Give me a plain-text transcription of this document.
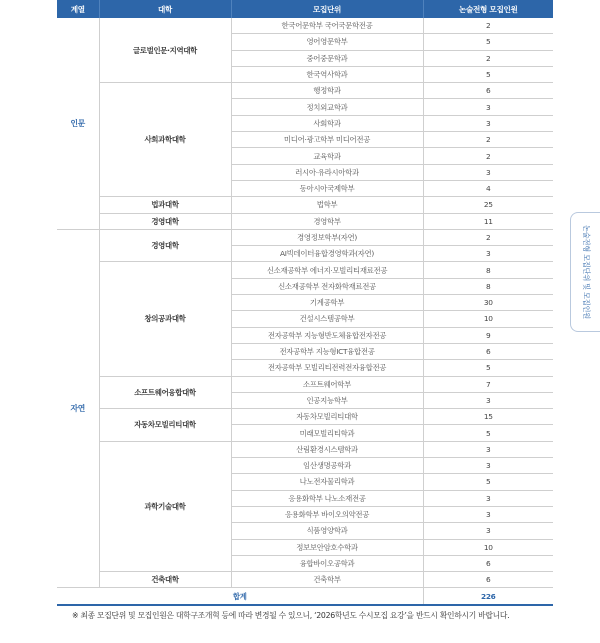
계열	대학	모집단위	논술전형 모집인원
인문	글로벌인문·지역대학	한국어문학부 국어국문학전공	2
		영어영문학부	5
		중어중문학과	2
		한국역사학과	5
	사회과학대학	행정학과	6
		정치외교학과	3
		사회학과	3
		미디어·광고학부 미디어전공	2
		교육학과	2
		러시아·유라시아학과	3
		동아시아국제학부	4
	법과대학	법학부	25
	경영대학	경영학부	11
자연	경영대학	경영정보학부(자연)	2
		AI빅데이터융합경영학과(자연)	3
	창의공과대학	신소재공학부 에너지·모빌리티재료전공	8
		신소재공학부 전자화학재료전공	8
		기계공학부	30
		건설시스템공학부	10
		전자공학부 지능형반도체융합전자전공	9
		전자공학부 지능형ICT융합전공	6
		전자공학부 모빌리티전력전자융합전공	5
	소프트웨어융합대학	소프트웨어학부	7
		인공지능학부	3
	자동차모빌리티대학	자동차모빌리티대학	15
		미래모빌리티학과	5
	과학기술대학	산림환경시스템학과	3
		임산생명공학과	3
		나노전자물리학과	5
		응용화학부 나노소재전공	3
		응용화학부 바이오의약전공	3
		식품영양학과	3
		정보보안암호수학과	10
		융합바이오공학과	6
	건축대학	건축학부	6
합계			226
※ 최종 모집단위 및 모집인원은 대학구조개혁 등에 따라 변경될 수 있으니, ‘2026학년도 수시모집 요강’을 반드시 확인하시기 바랍니다.
논술전형 모집단위 및 모집인원
